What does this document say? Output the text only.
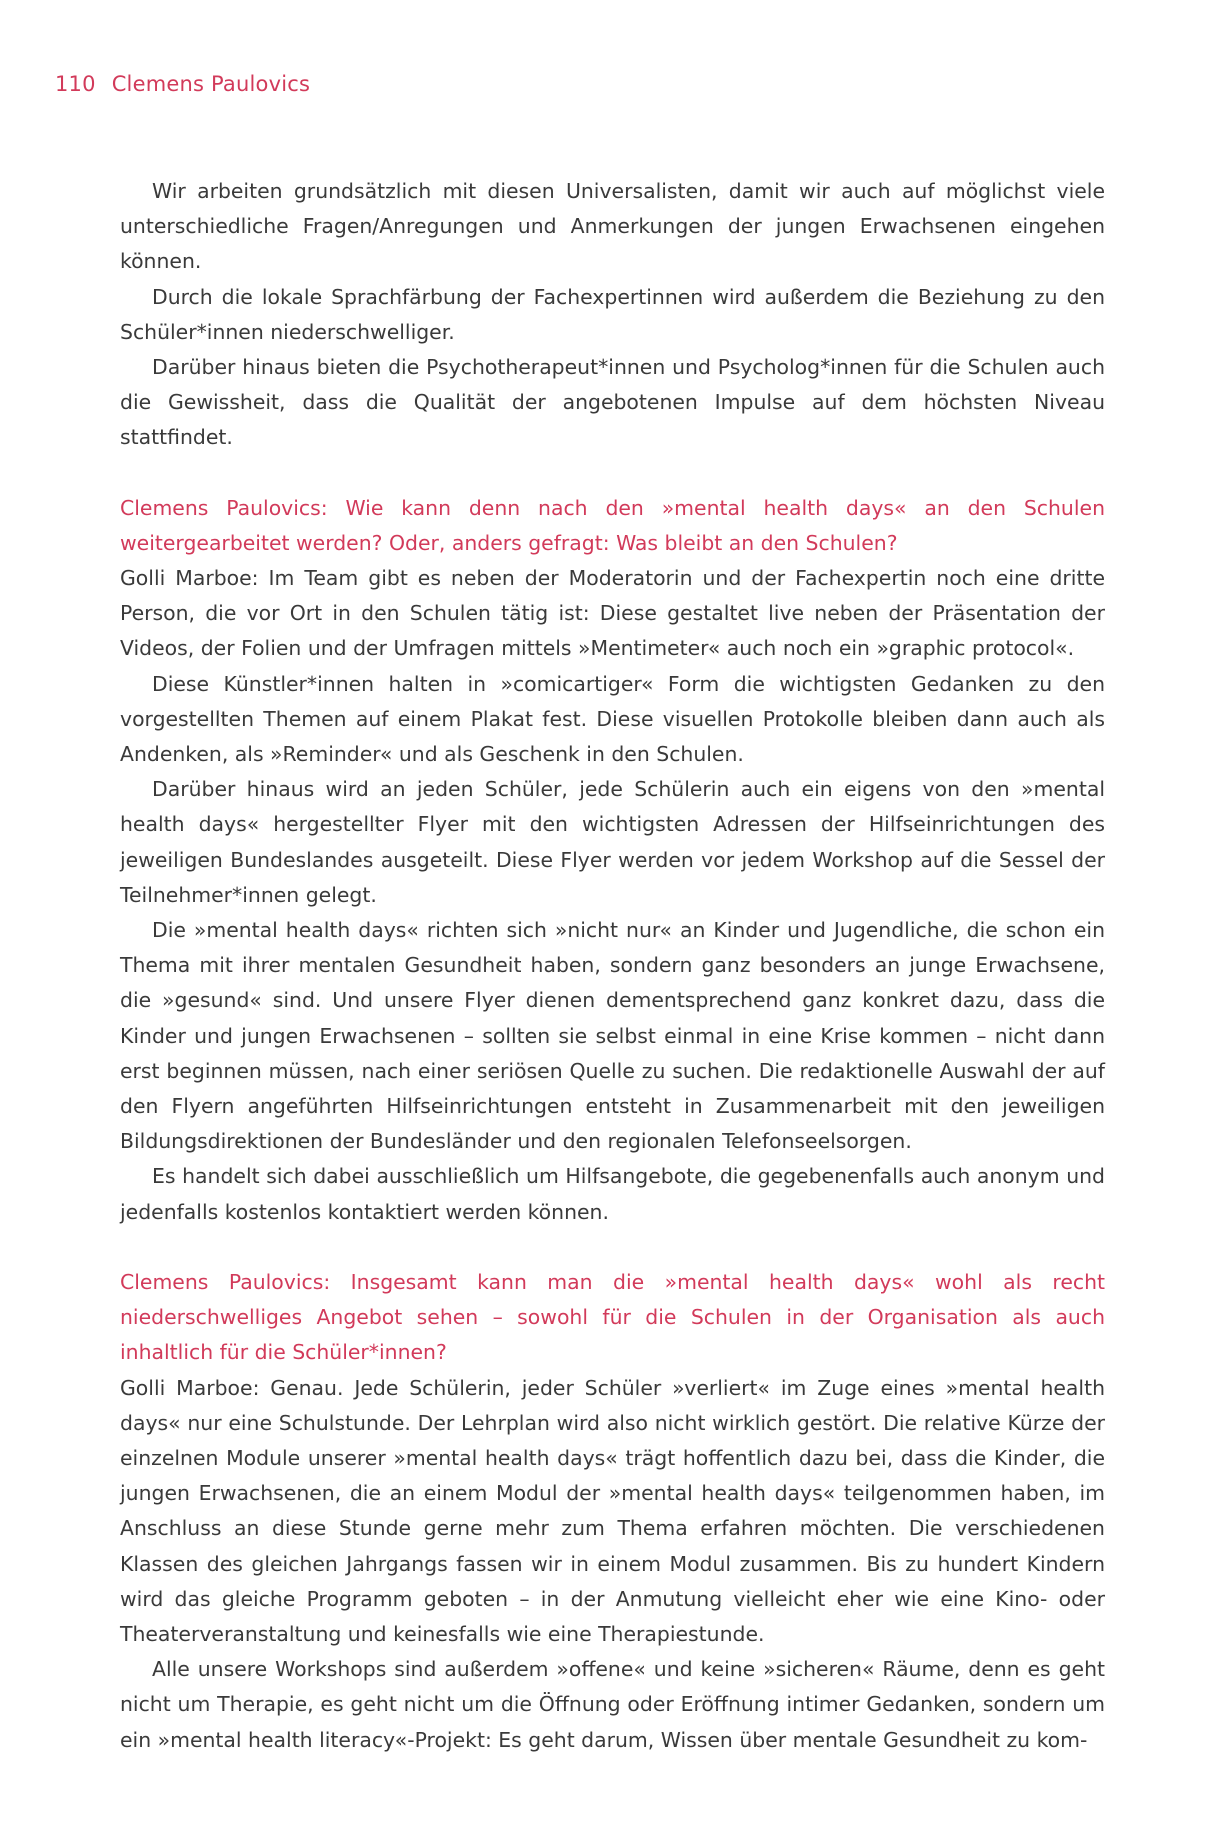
110 Clemens Paulovics

Wir arbeiten grundsätzlich mit diesen Universalisten, damit wir auch auf möglichst viele unterschiedliche Fragen/Anregungen und Anmerkungen der jungen Erwachsenen eingehen können.

Durch die lokale Sprachfärbung der Fachexpertinnen wird außerdem die Beziehung zu den Schüler*innen niederschwelliger.

Darüber hinaus bieten die Psychotherapeut*innen und Psycholog*innen für die Schulen auch die Gewissheit, dass die Qualität der angebotenen Impulse auf dem höchsten Niveau stattfindet.

Clemens Paulovics: Wie kann denn nach den »mental health days« an den Schulen weitergearbeitet werden? Oder, anders gefragt: Was bleibt an den Schulen?

Golli Marboe: Im Team gibt es neben der Moderatorin und der Fachexpertin noch eine dritte Person, die vor Ort in den Schulen tätig ist: Diese gestaltet live neben der Präsentation der Videos, der Folien und der Umfragen mittels »Mentimeter« auch noch ein »graphic protocol«.

Diese Künstler*innen halten in »comicartiger« Form die wichtigsten Gedanken zu den vorgestellten Themen auf einem Plakat fest. Diese visuellen Protokolle bleiben dann auch als Andenken, als »Reminder« und als Geschenk in den Schulen.

Darüber hinaus wird an jeden Schüler, jede Schülerin auch ein eigens von den »mental health days« hergestellter Flyer mit den wichtigsten Adressen der Hilfseinrichtungen des jeweiligen Bundeslandes ausgeteilt. Diese Flyer werden vor jedem Workshop auf die Sessel der Teilnehmer*innen gelegt.

Die »mental health days« richten sich »nicht nur« an Kinder und Jugendliche, die schon ein Thema mit ihrer mentalen Gesundheit haben, sondern ganz besonders an junge Erwachsene, die »gesund« sind. Und unsere Flyer dienen dementsprechend ganz konkret dazu, dass die Kinder und jungen Erwachsenen – sollten sie selbst einmal in eine Krise kommen – nicht dann erst beginnen müssen, nach einer seriösen Quelle zu suchen. Die redaktionelle Auswahl der auf den Flyern angeführten Hilfseinrichtungen entsteht in Zusammenarbeit mit den jeweiligen Bildungsdirektionen der Bundesländer und den regionalen Telefonseelsorgen.

Es handelt sich dabei ausschließlich um Hilfsangebote, die gegebenenfalls auch anonym und jedenfalls kostenlos kontaktiert werden können.

Clemens Paulovics: Insgesamt kann man die »mental health days« wohl als recht niederschwelliges Angebot sehen – sowohl für die Schulen in der Organisation als auch inhaltlich für die Schüler*innen?

Golli Marboe: Genau. Jede Schülerin, jeder Schüler »verliert« im Zuge eines »mental health days« nur eine Schulstunde. Der Lehrplan wird also nicht wirklich gestört. Die relative Kürze der einzelnen Module unserer »mental health days« trägt hoffentlich dazu bei, dass die Kinder, die jungen Erwachsenen, die an einem Modul der »mental health days« teilgenommen haben, im Anschluss an diese Stunde gerne mehr zum Thema erfahren möchten. Die verschiedenen Klassen des gleichen Jahrgangs fassen wir in einem Modul zusammen. Bis zu hundert Kindern wird das gleiche Programm geboten – in der Anmutung vielleicht eher wie eine Kino- oder Theaterveranstaltung und keinesfalls wie eine Therapiestunde.

Alle unsere Workshops sind außerdem »offene« und keine »sicheren« Räume, denn es geht nicht um Therapie, es geht nicht um die Öffnung oder Eröffnung intimer Gedanken, sondern um ein »mental health literacy«-Projekt: Es geht darum, Wissen über mentale Gesundheit zu kom-
